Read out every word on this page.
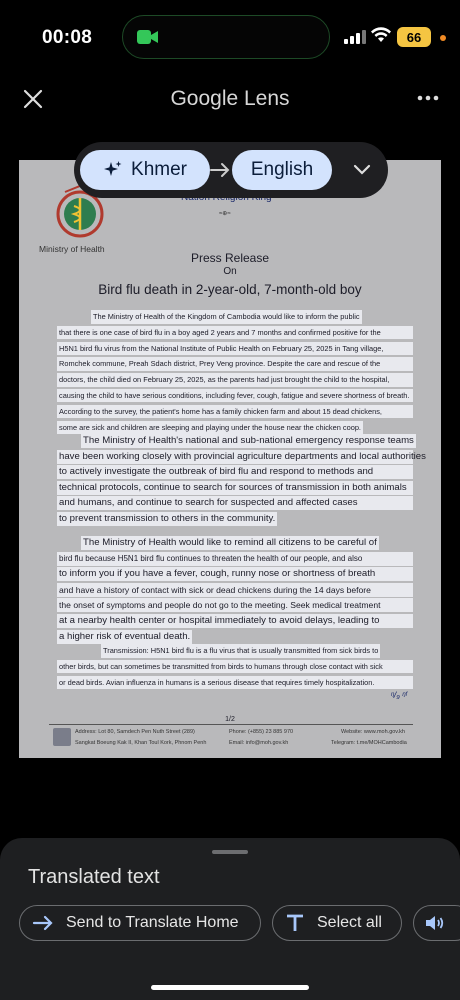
00:08	66
Google Lens
Ministry of Health
≈⊕≈
Press Release
On
Bird flu death in 2-year-old, 7-month-old boy

The Ministry of Health of the Kingdom of Cambodia would like to inform the public
that there is one case of bird flu in a boy aged 2 years and 7 months and confirmed positive for the
H5N1 bird flu virus from the National Institute of Public Health on February 25, 2025 in Tang village,
Romchek commune, Preah Sdach district, Prey Veng province. Despite the care and rescue of the
doctors, the child died on February 25, 2025, as the parents had just brought the child to the hospital,
causing the child to have serious conditions, including fever, cough, fatigue and severe shortness of breath.
According to the survey, the patient's home has a family chicken farm and about 15 dead chickens,
some are sick and children are sleeping and playing under the house near the chicken coop.

The Ministry of Health's national and sub-national emergency response teams
have been working closely with provincial agriculture departments and local authorities
to actively investigate the outbreak of bird flu and respond to methods and
technical protocols, continue to search for sources of transmission in both animals
and humans, and continue to search for suspected and affected cases
to prevent transmission to others in the community.

The Ministry of Health would like to remind all citizens to be careful of
bird flu because H5N1 bird flu continues to threaten the health of our people, and also
to inform you if you have a fever, cough, runny nose or shortness of breath
and have a history of contact with sick or dead chickens during the 14 days before
the onset of symptoms and people do not go to the meeting. Seek medical treatment
at a nearby health center or hospital immediately to avoid delays, leading to
a higher risk of eventual death.

Transmission: H5N1 bird flu is a flu virus that is usually transmitted from sick birds to
other birds, but can sometimes be transmitted from birds to humans through close contact with sick
or dead birds. Avian influenza in humans is a serious disease that requires timely hospitalization.

ᵑ/₉ ᵑᶠ
1/2
Address: Lot 80, Samdech Pen Nuth Street (289)
Sangkat Boeung Kak II, Khan Toul Kork, Phnom Penh
Phone: (+855) 23 885 970
Email: info@moh.gov.kh
Website: www.moh.gov.kh
Telegram: t.me/MOHCambodia
Khmer	English
Translated text
Send to Translate Home	Select all
